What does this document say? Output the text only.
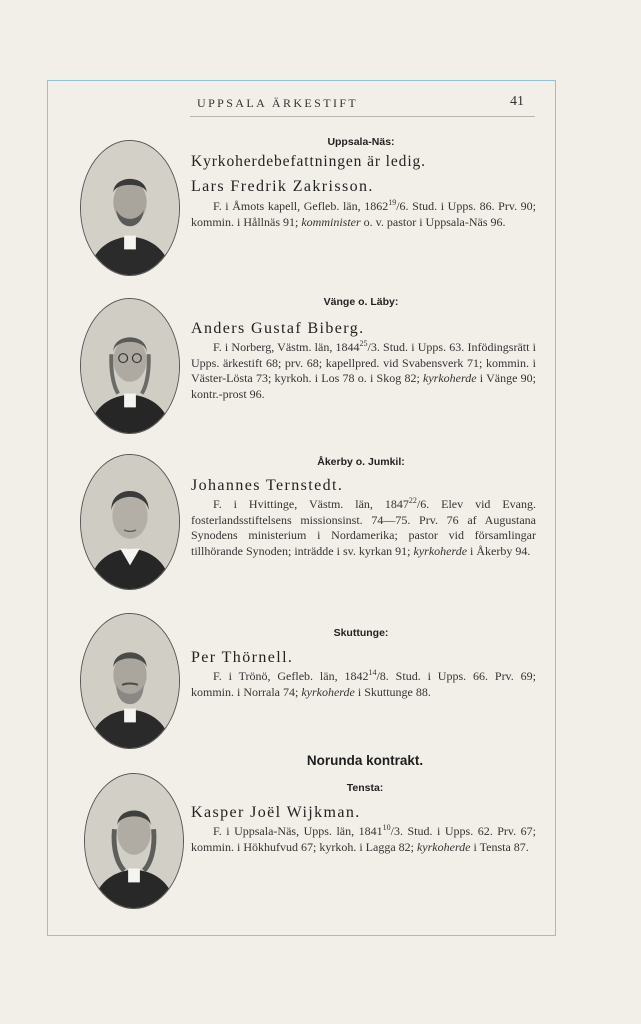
UPPSALA ÄRKESTIFT	41
Uppsala-Näs:
Kyrkoherdebefattningen är ledig.
Lars Fredrik Zakrisson.

F. i Åmots kapell, Gefleb. län, 1862$^{19}$/6. Stud. i Upps. 86. Prv. 90; kommin. i Hållnäs 91; komminister o. v. pastor i Uppsala-Näs 96.

Vänge o. Läby:
Anders Gustaf Biberg.

F. i Norberg, Västm. län, 1844$^{25}$/3. Stud. i Upps. 63. Infödingsrätt i Upps. ärkestift 68; prv. 68; kapellpred. vid Svabensverk 71; kommin. i Väster-Lösta 73; kyrkoh. i Los 78 o. i Skog 82; kyrkoherde i Vänge 90; kontr.-prost 96.

Åkerby o. Jumkil:
Johannes Ternstedt.

F. i Hvittinge, Västm. län, 1847$^{22}$/6. Elev vid Evang. fosterlandsstiftelsens missionsinst. 74—75. Prv. 76 af Augustana Synodens ministerium i Nordamerika; pastor vid församlingar tillhörande Synoden; inträdde i sv. kyrkan 91; kyrkoherde i Åkerby 94.

Skuttunge:
Per Thörnell.

F. i Trönö, Gefleb. län, 1842$^{14}$/8. Stud. i Upps. 66. Prv. 69; kommin. i Norrala 74; kyrkoherde i Skuttunge 88.

Norunda kontrakt.
Tensta:
Kasper Joël Wijkman.

F. i Uppsala-Näs, Upps. län, 1841$^{10}$/3. Stud. i Upps. 62. Prv. 67; kommin. i Hökhufvud 67; kyrkoh. i Lagga 82; kyrkoherde i Tensta 87.
